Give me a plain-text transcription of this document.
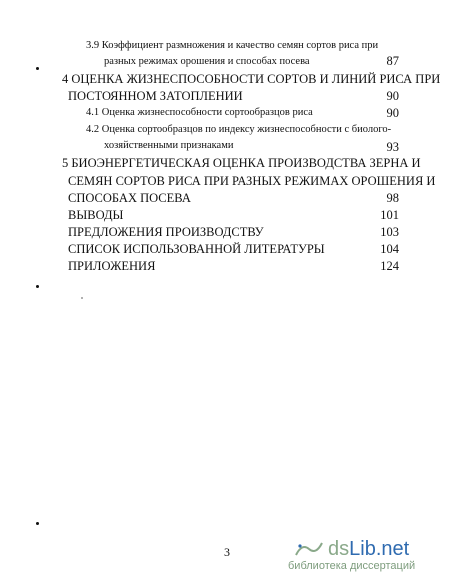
3.9 Коэффициент размножения и качество семян сортов риса при
разных режимах орошения и способах посева	87
4 ОЦЕНКА ЖИЗНЕСПОСОБНОСТИ СОРТОВ И ЛИНИЙ РИСА ПРИ
ПОСТОЯННОМ ЗАТОПЛЕНИИ	90
4.1 Оценка жизнеспособности сортообразцов риса	90
4.2 Оценка сортообразцов по индексу жизнеспособности с биолого-
хозяйственными признаками	93
5 БИОЭНЕРГЕТИЧЕСКАЯ ОЦЕНКА ПРОИЗВОДСТВА ЗЕРНА И
СЕМЯН СОРТОВ РИСА ПРИ РАЗНЫХ РЕЖИМАХ ОРОШЕНИЯ И
СПОСОБАХ ПОСЕВА	98
ВЫВОДЫ	101
ПРЕДЛОЖЕНИЯ ПРОИЗВОДСТВУ	103
СПИСОК ИСПОЛЬЗОВАННОЙ ЛИТЕРАТУРЫ	104
ПРИЛОЖЕНИЯ	124
3	dsLib.net
библиотека диссертаций
